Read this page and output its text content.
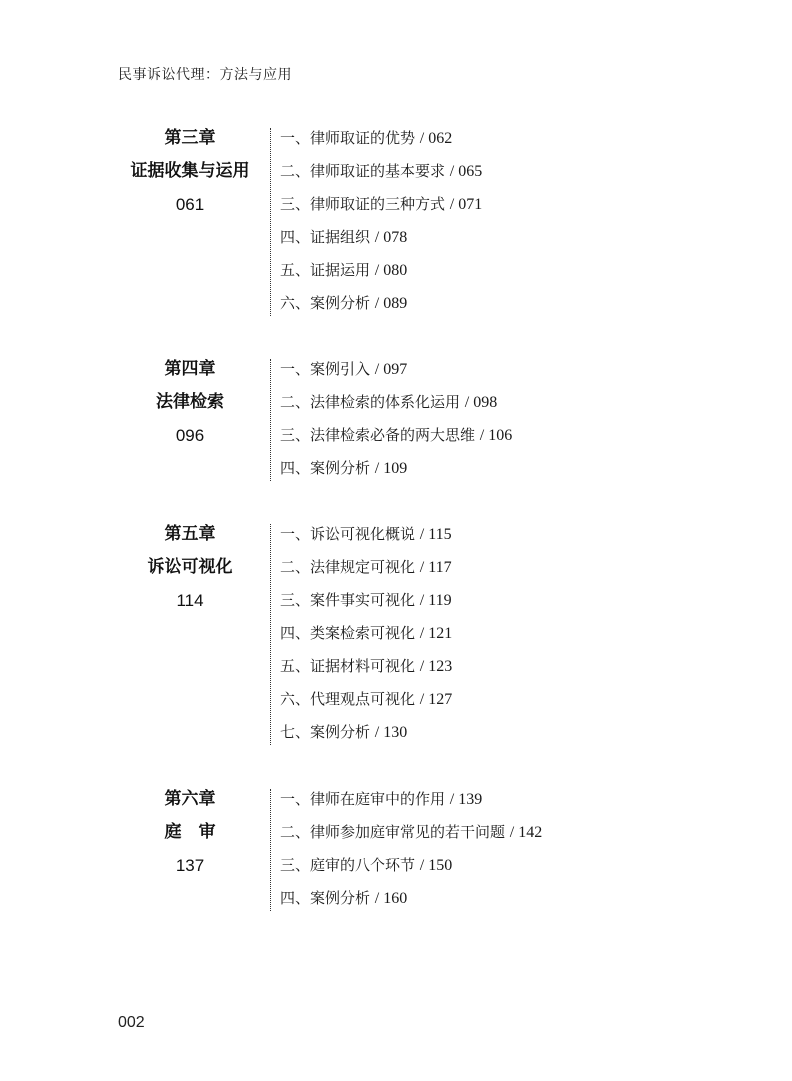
民事诉讼代理：方法与应用
第三章
证据收集与运用
061
一、律师取证的优势 / 062
二、律师取证的基本要求 / 065
三、律师取证的三种方式 / 071
四、证据组织 / 078
五、证据运用 / 080
六、案例分析 / 089
第四章
法律检索
096
一、案例引入 / 097
二、法律检索的体系化运用 / 098
三、法律检索必备的两大思维 / 106
四、案例分析 / 109
第五章
诉讼可视化
114
一、诉讼可视化概说 / 115
二、法律规定可视化 / 117
三、案件事实可视化 / 119
四、类案检索可视化 / 121
五、证据材料可视化 / 123
六、代理观点可视化 / 127
七、案例分析 / 130
第六章
庭　审
137
一、律师在庭审中的作用 / 139
二、律师参加庭审常见的若干问题 / 142
三、庭审的八个环节 / 150
四、案例分析 / 160
002
